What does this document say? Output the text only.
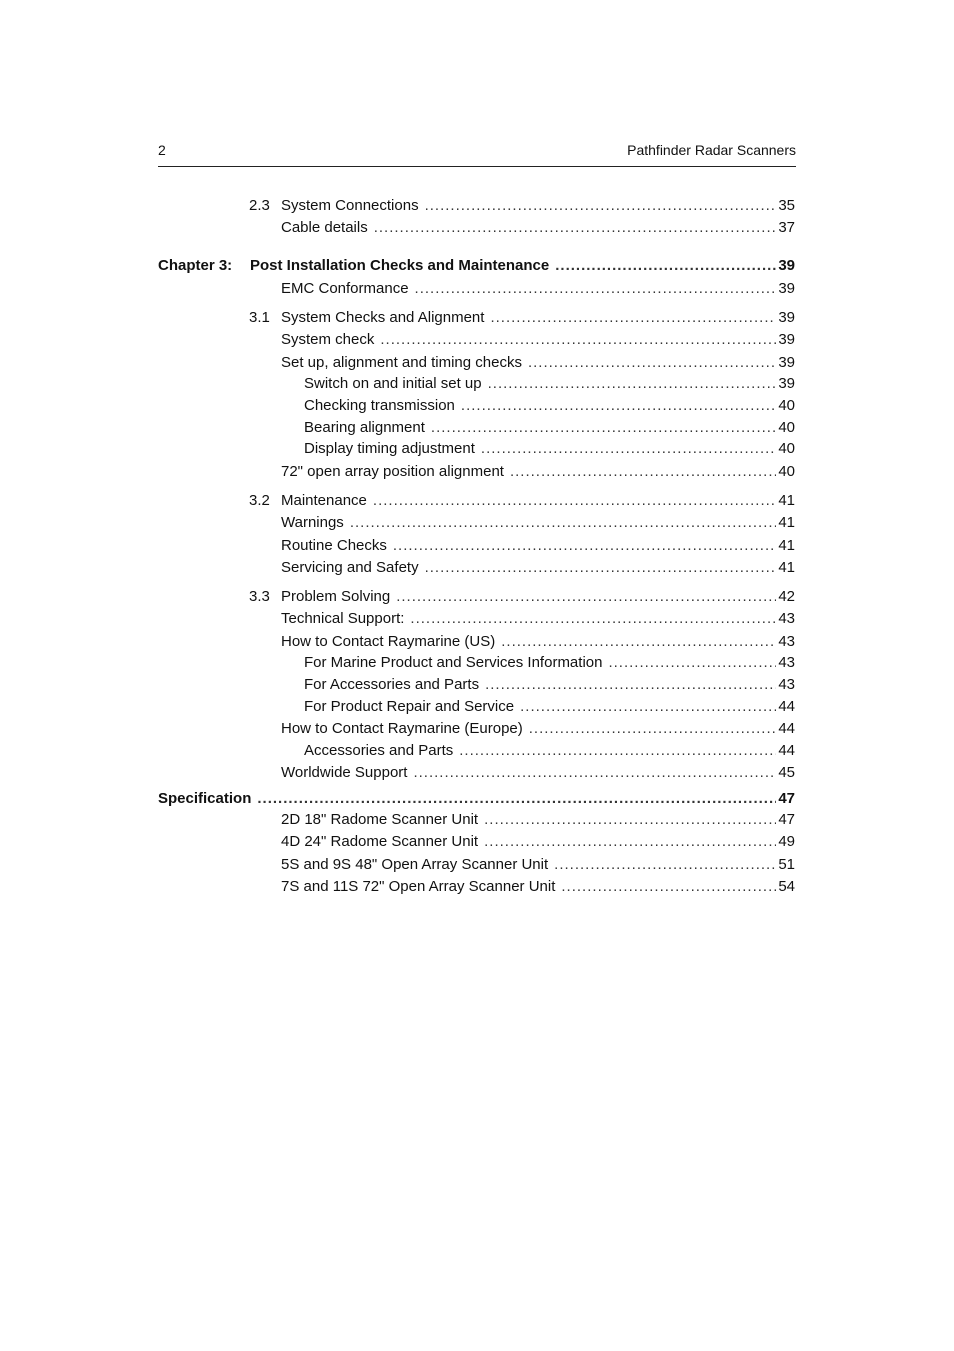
2	Pathfinder Radar Scanners
2.3 System Connections .....	35
Cable details .....	37
Chapter 3: Post Installation Checks and Maintenance .....	39
EMC Conformance .....	39
3.1 System Checks and Alignment .....	39
System check .....	39
Set up, alignment and timing checks .....	39
Switch on and initial set up .....	39
Checking transmission .....	40
Bearing alignment .....	40
Display timing adjustment .....	40
72" open array position alignment .....	40
3.2 Maintenance .....	41
Warnings .....	41
Routine Checks .....	41
Servicing and Safety .....	41
3.3 Problem Solving .....	42
Technical Support: .....	43
How to Contact Raymarine (US) .....	43
For Marine Product and Services Information .....	43
For Accessories and Parts .....	43
For Product Repair and Service .....	44
How to Contact Raymarine (Europe) .....	44
Accessories and Parts .....	44
Worldwide Support .....	45
Specification .....	47
2D 18" Radome Scanner Unit .....	47
4D 24" Radome Scanner Unit .....	49
5S and 9S 48" Open Array Scanner Unit .....	51
7S and 11S 72" Open Array Scanner Unit .....	54
